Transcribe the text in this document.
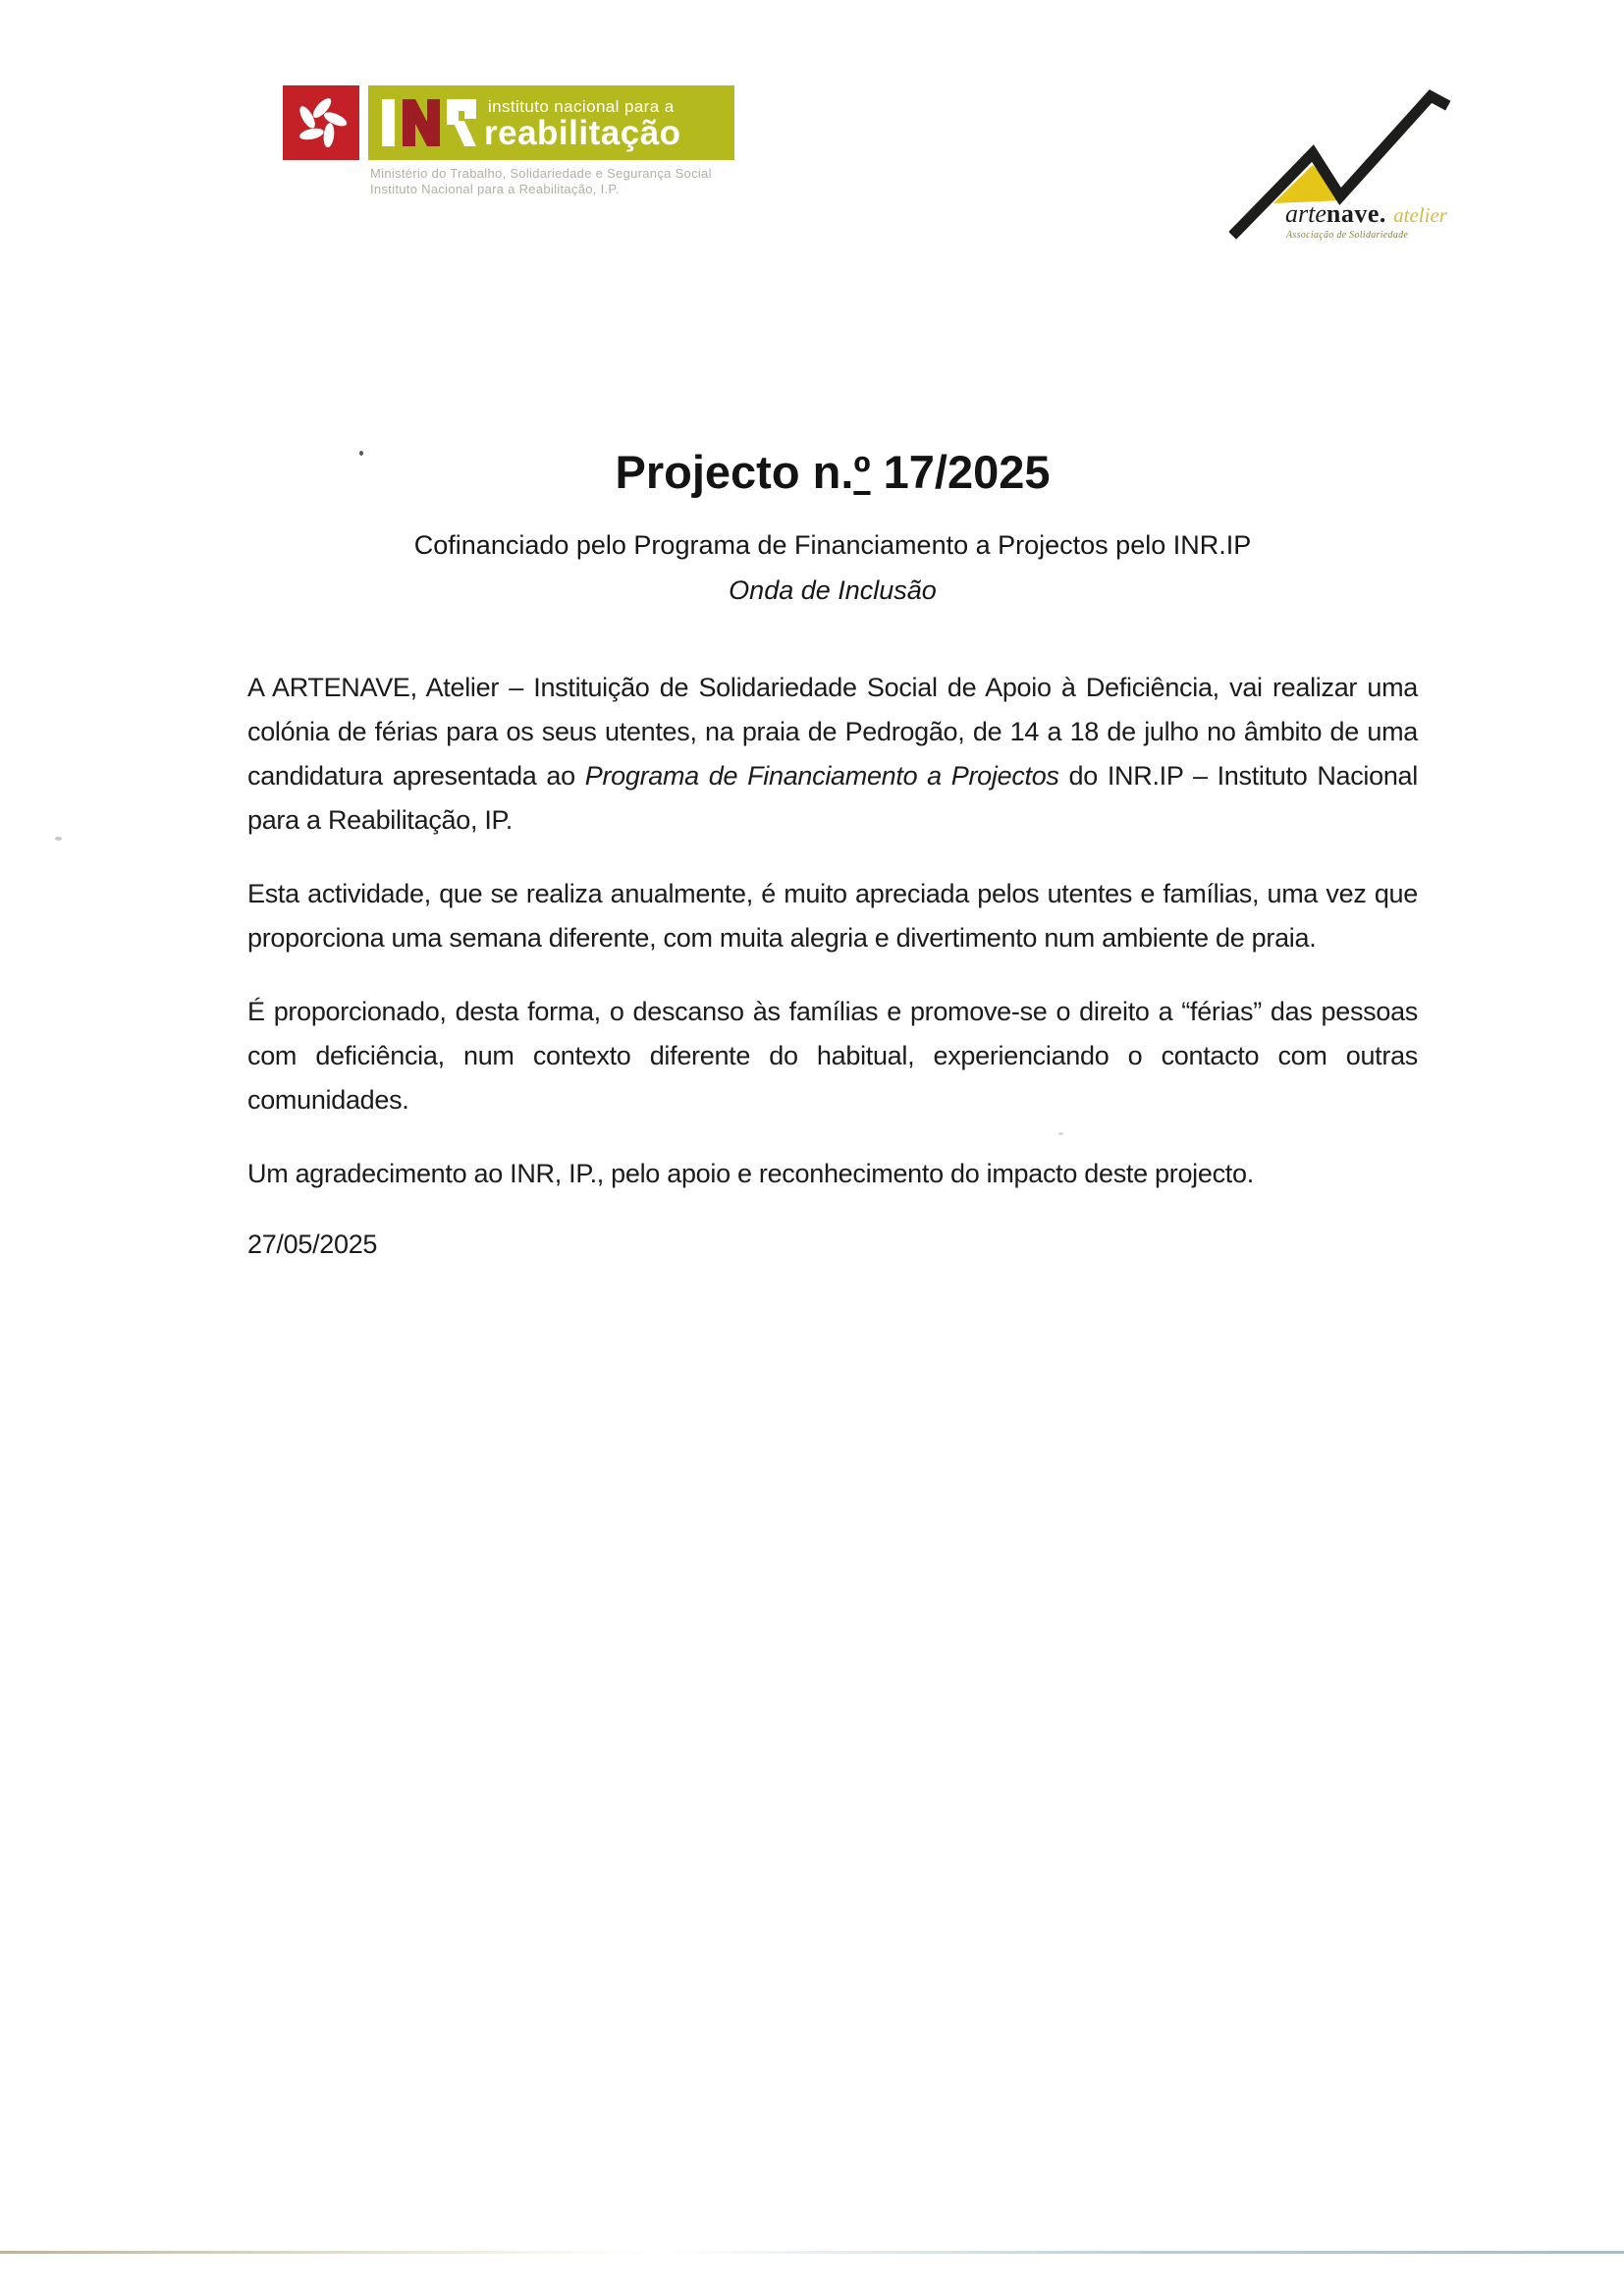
instituto nacional para a
reabilitação
Ministério do Trabalho, Solidariedade e Segurança Social
Instituto Nacional para a Reabilitação, I.P.
artenave. atelier
Associação de Solidariedade
Projecto n.º 17/2025

Cofinanciado pelo Programa de Financiamento a Projectos pelo INR.IP

Onda de Inclusão

A ARTENAVE, Atelier – Instituição de Solidariedade Social de Apoio à Deficiência, vai realizar uma colónia de férias para os seus utentes, na praia de Pedrogão, de 14 a 18 de julho no âmbito de uma candidatura apresentada ao Programa de Financiamento a Projectos do INR.IP – Instituto Nacional para a Reabilitação, IP.

Esta actividade, que se realiza anualmente, é muito apreciada pelos utentes e famílias, uma vez que proporciona uma semana diferente, com muita alegria e divertimento num ambiente de praia.

É proporcionado, desta forma, o descanso às famílias e promove-se o direito a “férias” das pessoas com deficiência, num contexto diferente do habitual, experienciando o contacto com outras comunidades.

Um agradecimento ao INR, IP., pelo apoio e reconhecimento do impacto deste projecto.

27/05/2025
